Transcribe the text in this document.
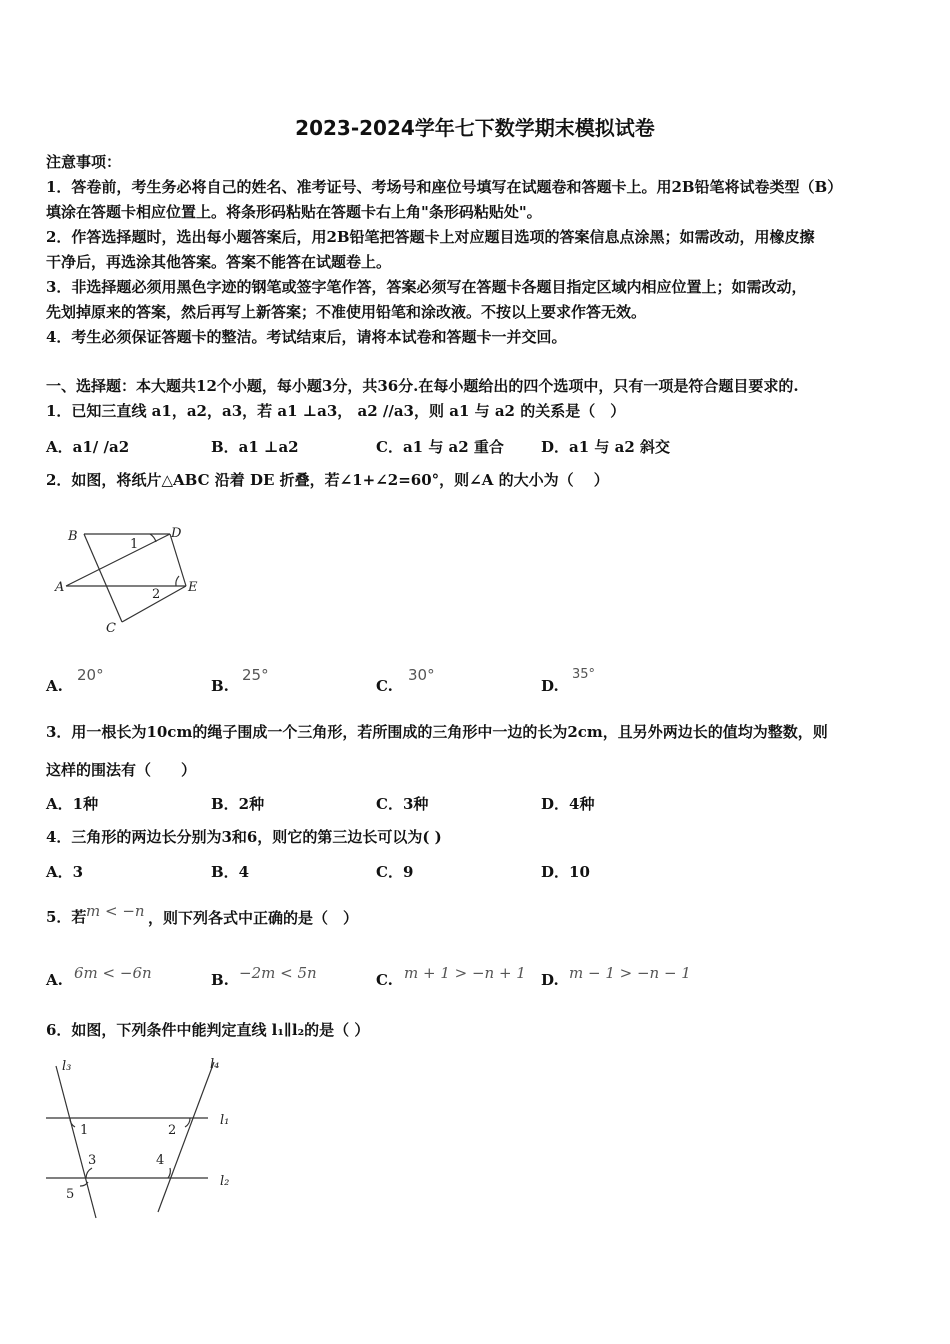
2023-2024学年七下数学期末模拟试卷
注意事项：
1．答卷前，考生务必将自己的姓名、准考证号、考场号和座位号填写在试题卷和答题卡上。用2B铅笔将试卷类型（B）
填涂在答题卡相应位置上。将条形码粘贴在答题卡右上角"条形码粘贴处"。
2．作答选择题时，选出每小题答案后，用2B铅笔把答题卡上对应题目选项的答案信息点涂黑；如需改动，用橡皮擦
干净后，再选涂其他答案。答案不能答在试题卷上。
3．非选择题必须用黑色字迹的钢笔或签字笔作答，答案必须写在答题卡各题目指定区域内相应位置上；如需改动，
先划掉原来的答案，然后再写上新答案；不准使用铅笔和涂改液。不按以上要求作答无效。
4．考生必须保证答题卡的整洁。考试结束后，请将本试卷和答题卡一并交回。
一、选择题：本大题共12个小题，每小题3分，共36分.在每小题给出的四个选项中，只有一项是符合题目要求的.
1．已知三直线 a1，a2，a3，若 a1 ⊥a3， a2 //a3，则 a1 与 a2 的关系是（　）
A．a1/ /a2	B．a1 ⊥a2	C．a1 与 a2 重合 D．a1 与 a2 斜交
2．如图，将纸片△ABC 沿着 DE 折叠，若∠1+∠2=60°，则∠A 的大小为（　 ）
B	D
A	E
C
1
2
A.
20°
B.
25°
C.
30°
D.
35°
3．用一根长为10cm的绳子围成一个三角形，若所围成的三角形中一边的长为2cm，且另外两边长的值均为整数，则
这样的围法有（　　）
A．1种	B．2种	C．3种	D．4种
4．三角形的两边长分别为3和6，则它的第三边长可以为( )
A．3	B．4	C．9	D．10
5．若 m < −n ，则下列各式中正确的是（　）
A. 6m < −6n	B. −2m < 5n	C. m + 1 > −n + 1 D. m − 1 > −n − 1
6．如图，下列条件中能判定直线 l₁∥l₂的是（ ）
l₃	l₄
l₁
l₂
1	2
3	4
5
